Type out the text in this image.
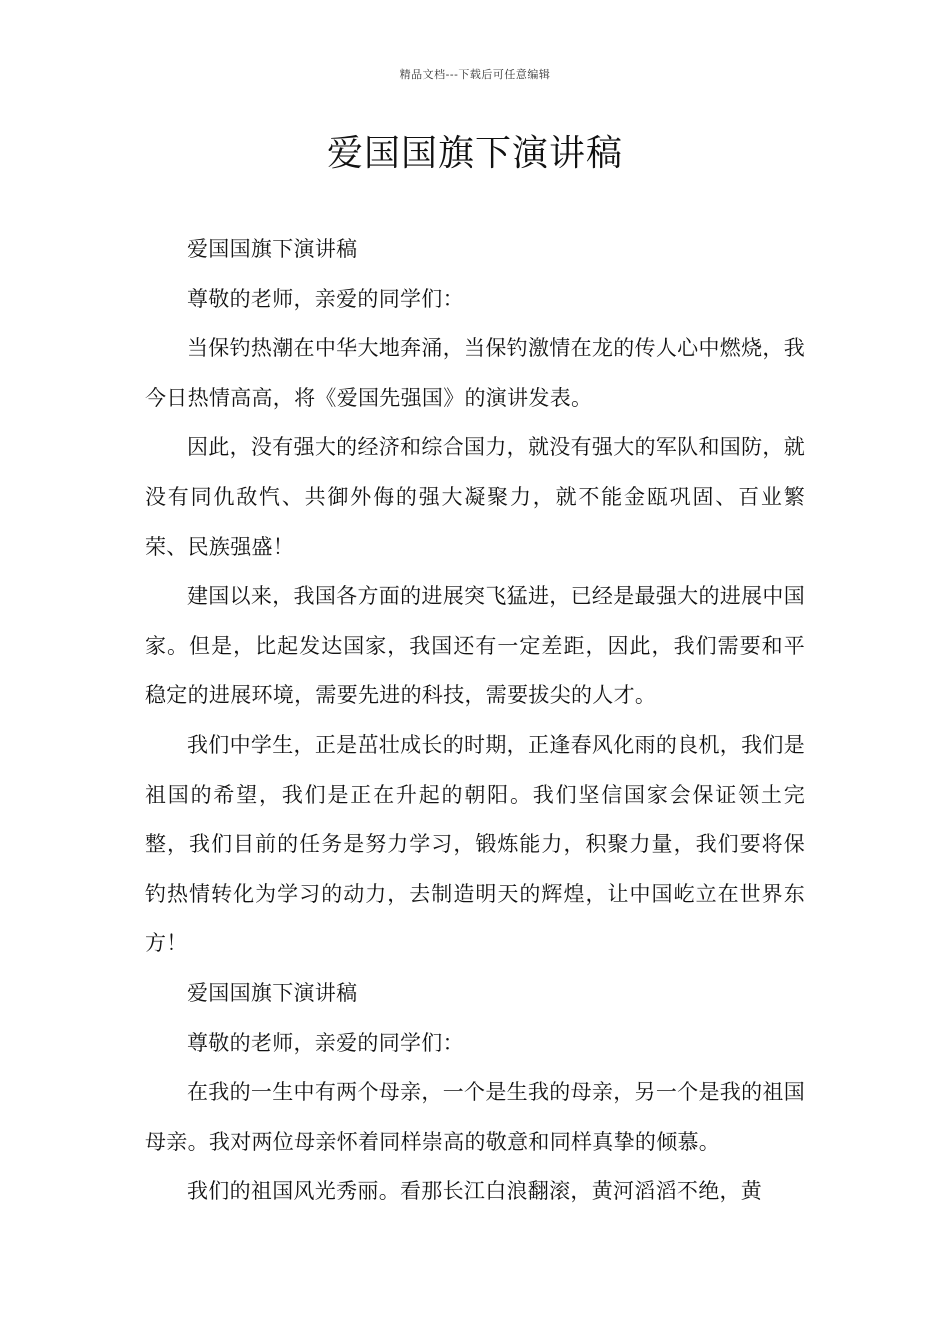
精品文档---下载后可任意编辑
爱国国旗下演讲稿

爱国国旗下演讲稿

尊敬的老师，亲爱的同学们：

当保钓热潮在中华大地奔涌，当保钓激情在龙的传人心中燃烧，我今日热情高高，将《爱国先强国》的演讲发表。

因此，没有强大的经济和综合国力，就没有强大的军队和国防，就没有同仇敌忾、共御外侮的强大凝聚力，就不能金瓯巩固、百业繁荣、民族强盛！

建国以来，我国各方面的进展突飞猛进，已经是最强大的进展中国家。但是，比起发达国家，我国还有一定差距，因此，我们需要和平稳定的进展环境，需要先进的科技，需要拔尖的人才。

我们中学生，正是茁壮成长的时期，正逢春风化雨的良机，我们是祖国的希望，我们是正在升起的朝阳。我们坚信国家会保证领土完整，我们目前的任务是努力学习，锻炼能力，积聚力量，我们要将保钓热情转化为学习的动力，去制造明天的辉煌，让中国屹立在世界东方！

爱国国旗下演讲稿

尊敬的老师，亲爱的同学们：

在我的一生中有两个母亲，一个是生我的母亲，另一个是我的祖国母亲。我对两位母亲怀着同样崇高的敬意和同样真挚的倾慕。

我们的祖国风光秀丽。看那长江白浪翻滚，黄河滔滔不绝，黄
